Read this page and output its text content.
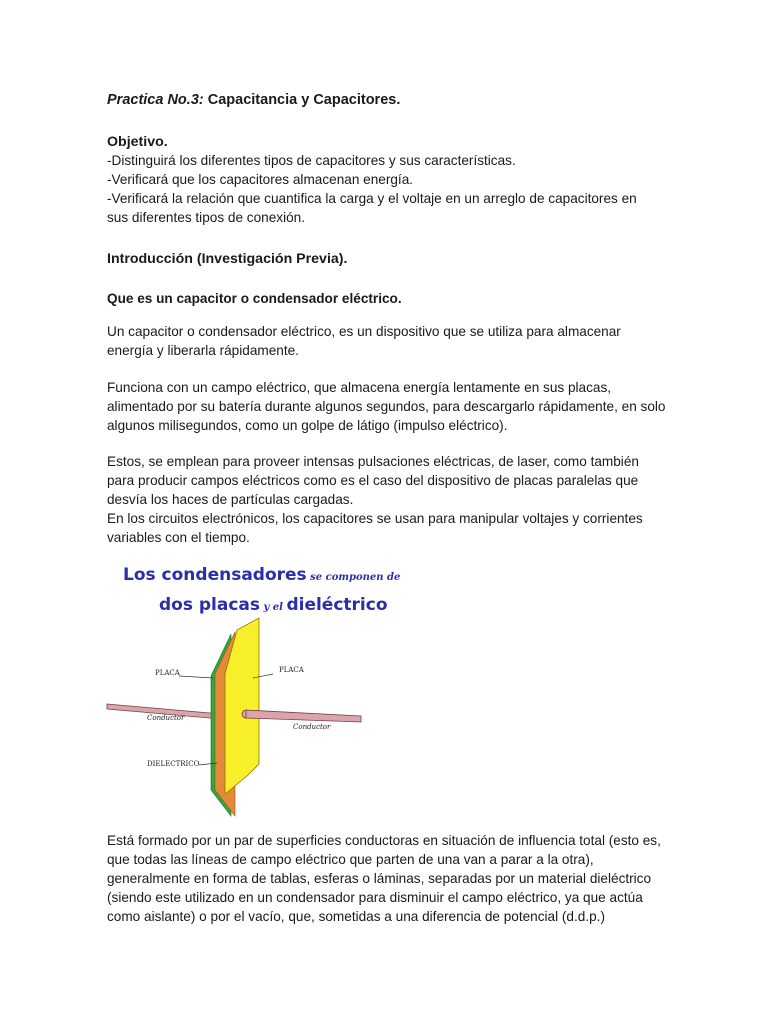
Practica No.3: Capacitancia y Capacitores.
Objetivo.
-Distinguirá los diferentes tipos de capacitores y sus características.
-Verificará que los capacitores almacenan energía.
-Verificará la relación que cuantifica la carga y el voltaje en un arreglo de capacitores en
sus diferentes tipos de conexión.
Introducción (Investigación Previa).
Que es un capacitor o condensador eléctrico.
Un capacitor o condensador eléctrico, es un dispositivo que se utiliza para almacenar energía y liberarla rápidamente.
Funciona con un campo eléctrico, que almacena energía lentamente en sus placas, alimentado por su batería durante algunos segundos, para descargarlo rápidamente, en solo algunos milisegundos, como un golpe de látigo (impulso eléctrico).
Estos, se emplean para proveer intensas pulsaciones eléctricas, de laser, como también para producir campos eléctricos como es el caso del dispositivo de placas paralelas que desvía los haces de partículas cargadas.
En los circuitos electrónicos, los capacitores se usan para manipular voltajes y corrientes variables con el tiempo.
Los condensadores se componen de
dos placas y el dieléctrico
PLACA	PLACA
Conductor
Conductor
DIELECTRICO
Está formado por un par de superficies conductoras en situación de influencia total (esto es, que todas las líneas de campo eléctrico que parten de una van a parar a la otra), generalmente en forma de tablas, esferas o láminas, separadas por un material dieléctrico (siendo este utilizado en un condensador para disminuir el campo eléctrico, ya que actúa como aislante) o por el vacío, que, sometidas a una diferencia de potencial (d.d.p.)
